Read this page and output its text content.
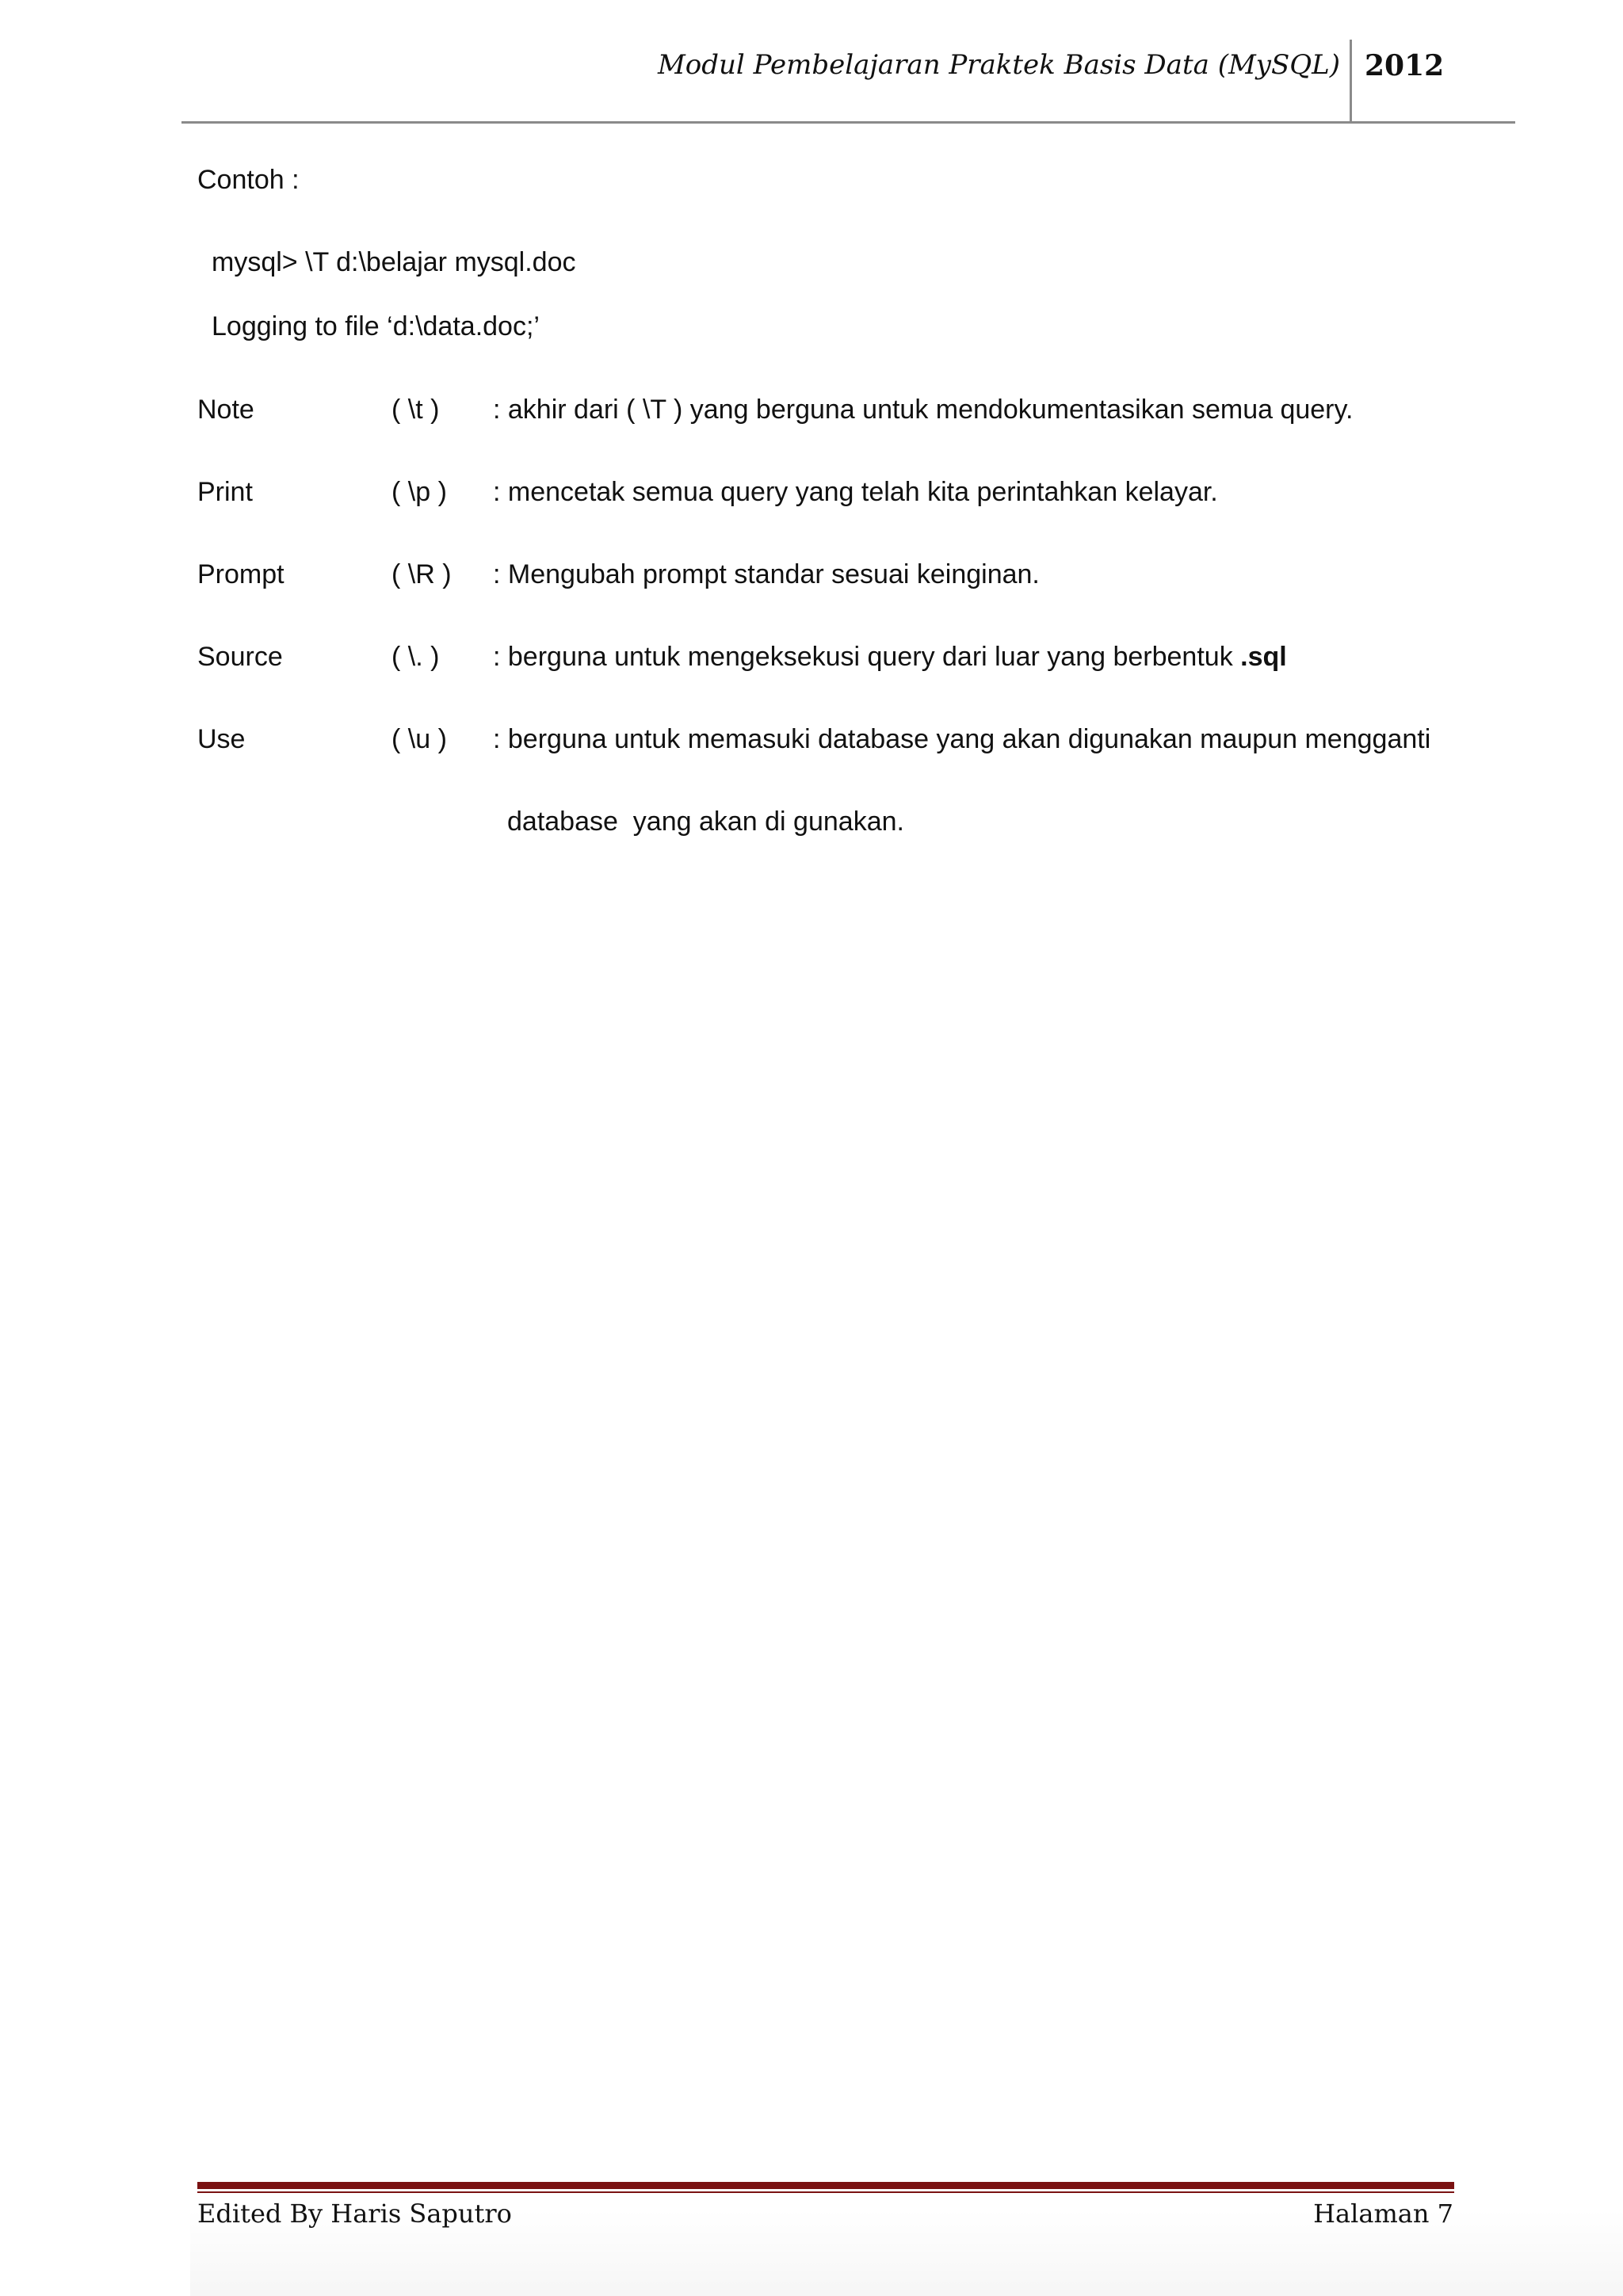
Modul Pembelajaran Praktek Basis Data (MySQL) 2012
Contoh :
mysql> \T d:\belajar mysql.doc
Logging to file ‘d:\data.doc;’
Note	( \t ) : akhir dari ( \T ) yang berguna untuk mendokumentasikan semua query.
Print	( \p ) : mencetak semua query yang telah kita perintahkan kelayar.
Prompt	( \R ) : Mengubah prompt standar sesuai keinginan.
Source	( \. ) : berguna untuk mengeksekusi query dari luar yang berbentuk .sql
Use	( \u ) : berguna untuk memasuki database yang akan digunakan maupun mengganti
database  yang akan di gunakan.
Edited By Haris Saputro	Halaman 7
